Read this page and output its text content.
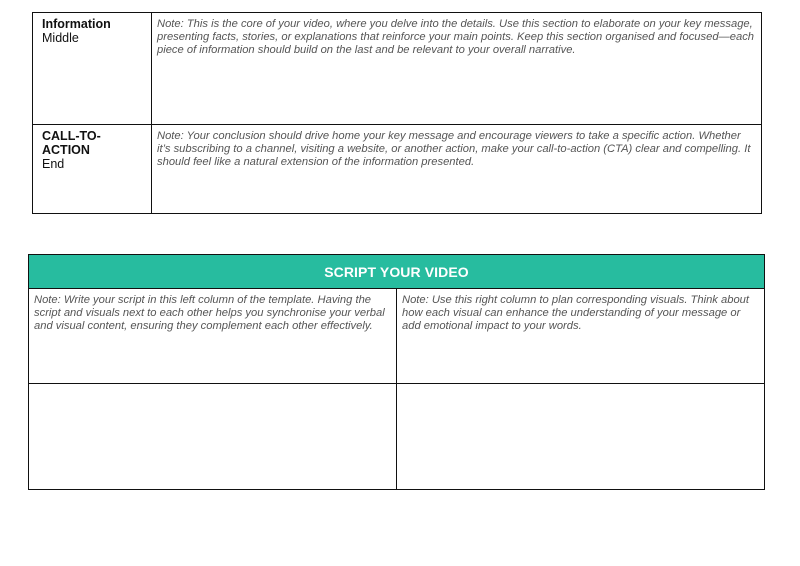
Information
Middle
Note: This is the core of your video, where you delve into the details. Use this section to elaborate on your key message, presenting facts, stories, or explanations that reinforce your main points. Keep this section organised and focused—each piece of information should build on the last and be relevant to your overall narrative.
CALL-TO-ACTION
End
Note: Your conclusion should drive home your key message and encourage viewers to take a specific action. Whether it’s subscribing to a channel, visiting a website, or another action, make your call-to-action (CTA) clear and compelling. It should feel like a natural extension of the information presented.
SCRIPT YOUR VIDEO
Note: Write your script in this left column of the template. Having the script and visuals next to each other helps you synchronise your verbal and visual content, ensuring they complement each other effectively.
Note: Use this right column to plan corresponding visuals. Think about how each visual can enhance the understanding of your message or add emotional impact to your words.
